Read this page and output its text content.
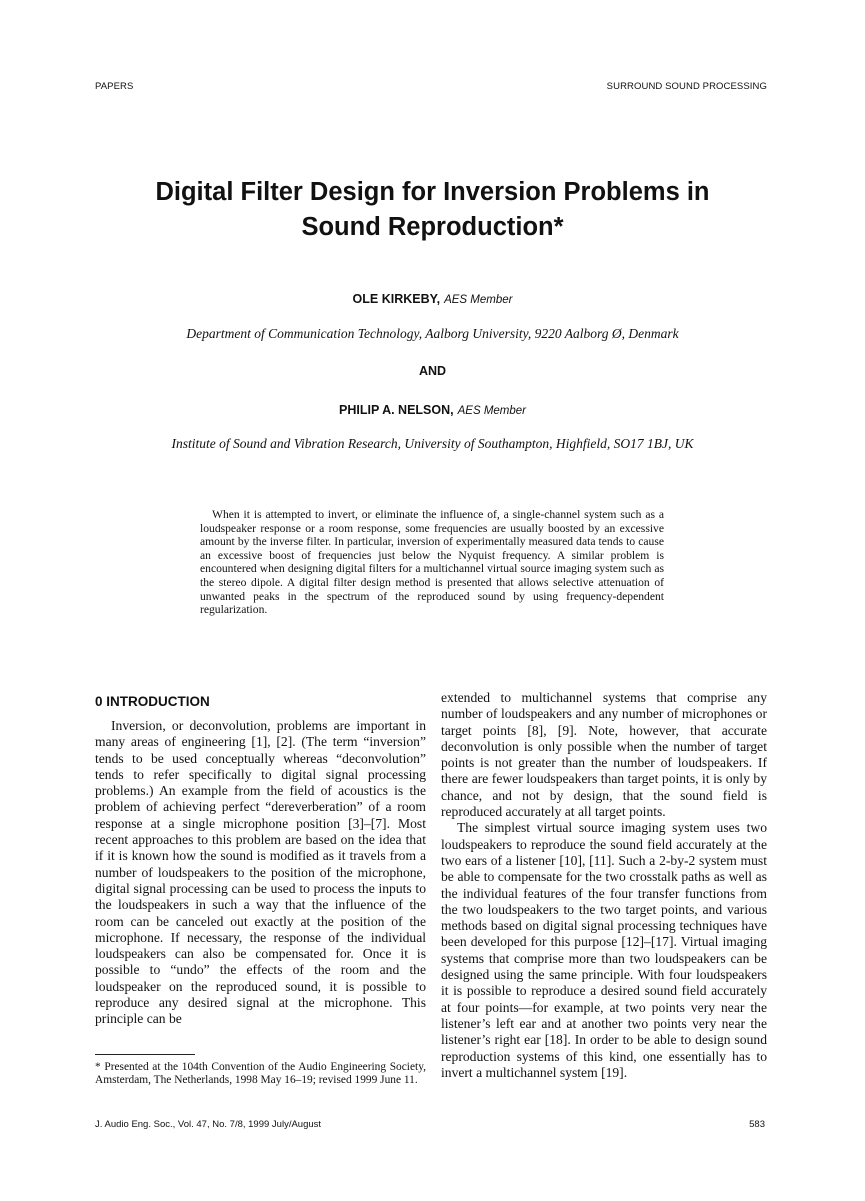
PAPERS	SURROUND SOUND PROCESSING
Digital Filter Design for Inversion Problems in
Sound Reproduction*
OLE KIRKEBY, AES Member
Department of Communication Technology, Aalborg University, 9220 Aalborg Ø, Denmark
AND
PHILIP A. NELSON, AES Member
Institute of Sound and Vibration Research, University of Southampton, Highfield, SO17 1BJ, UK

When it is attempted to invert, or eliminate the influence of, a single-channel system such as a loudspeaker response or a room response, some frequencies are usually boosted by an excessive amount by the inverse filter. In particular, inversion of experimentally measured data tends to cause an excessive boost of frequencies just below the Nyquist frequency. A similar problem is encountered when designing digital filters for a multichannel virtual source imaging system such as the stereo dipole. A digital filter design method is presented that allows selective attenuation of unwanted peaks in the spectrum of the reproduced sound by using frequency-dependent regularization.

0 INTRODUCTION

Inversion, or deconvolution, problems are important in many areas of engineering [1], [2]. (The term “inversion” tends to be used conceptually whereas “deconvolution” tends to refer specifically to digital signal processing problems.) An example from the field of acoustics is the problem of achieving perfect “dereverberation” of a room response at a single microphone position [3]–[7]. Most recent approaches to this problem are based on the idea that if it is known how the sound is modified as it travels from a number of loudspeakers to the position of the microphone, digital signal processing can be used to process the inputs to the loudspeakers in such a way that the influence of the room can be canceled out exactly at the position of the microphone. If necessary, the response of the individual loudspeakers can also be compensated for. Once it is possible to “undo” the effects of the room and the loudspeaker on the reproduced sound, it is possible to reproduce any desired signal at the microphone. This principle can be

extended to multichannel systems that comprise any number of loudspeakers and any number of microphones or target points [8], [9]. Note, however, that accurate deconvolution is only possible when the number of target points is not greater than the number of loudspeakers. If there are fewer loudspeakers than target points, it is only by chance, and not by design, that the sound field is reproduced accurately at all target points.

The simplest virtual source imaging system uses two loudspeakers to reproduce the sound field accurately at the two ears of a listener [10], [11]. Such a 2-by-2 system must be able to compensate for the two crosstalk paths as well as the individual features of the four transfer functions from the two loudspeakers to the two target points, and various methods based on digital signal processing techniques have been developed for this purpose [12]–[17]. Virtual imaging systems that comprise more than two loudspeakers can be designed using the same principle. With four loudspeakers it is possible to reproduce a desired sound field accurately at four points—for example, at two points very near the listener’s left ear and at another two points very near the listener’s right ear [18]. In order to be able to design sound reproduction systems of this kind, one essentially has to invert a multichannel system [19].

* Presented at the 104th Convention of the Audio Engineering Society, Amsterdam, The Netherlands, 1998 May 16–19; revised 1999 June 11.
J. Audio Eng. Soc., Vol. 47, No. 7/8, 1999 July/August	583
